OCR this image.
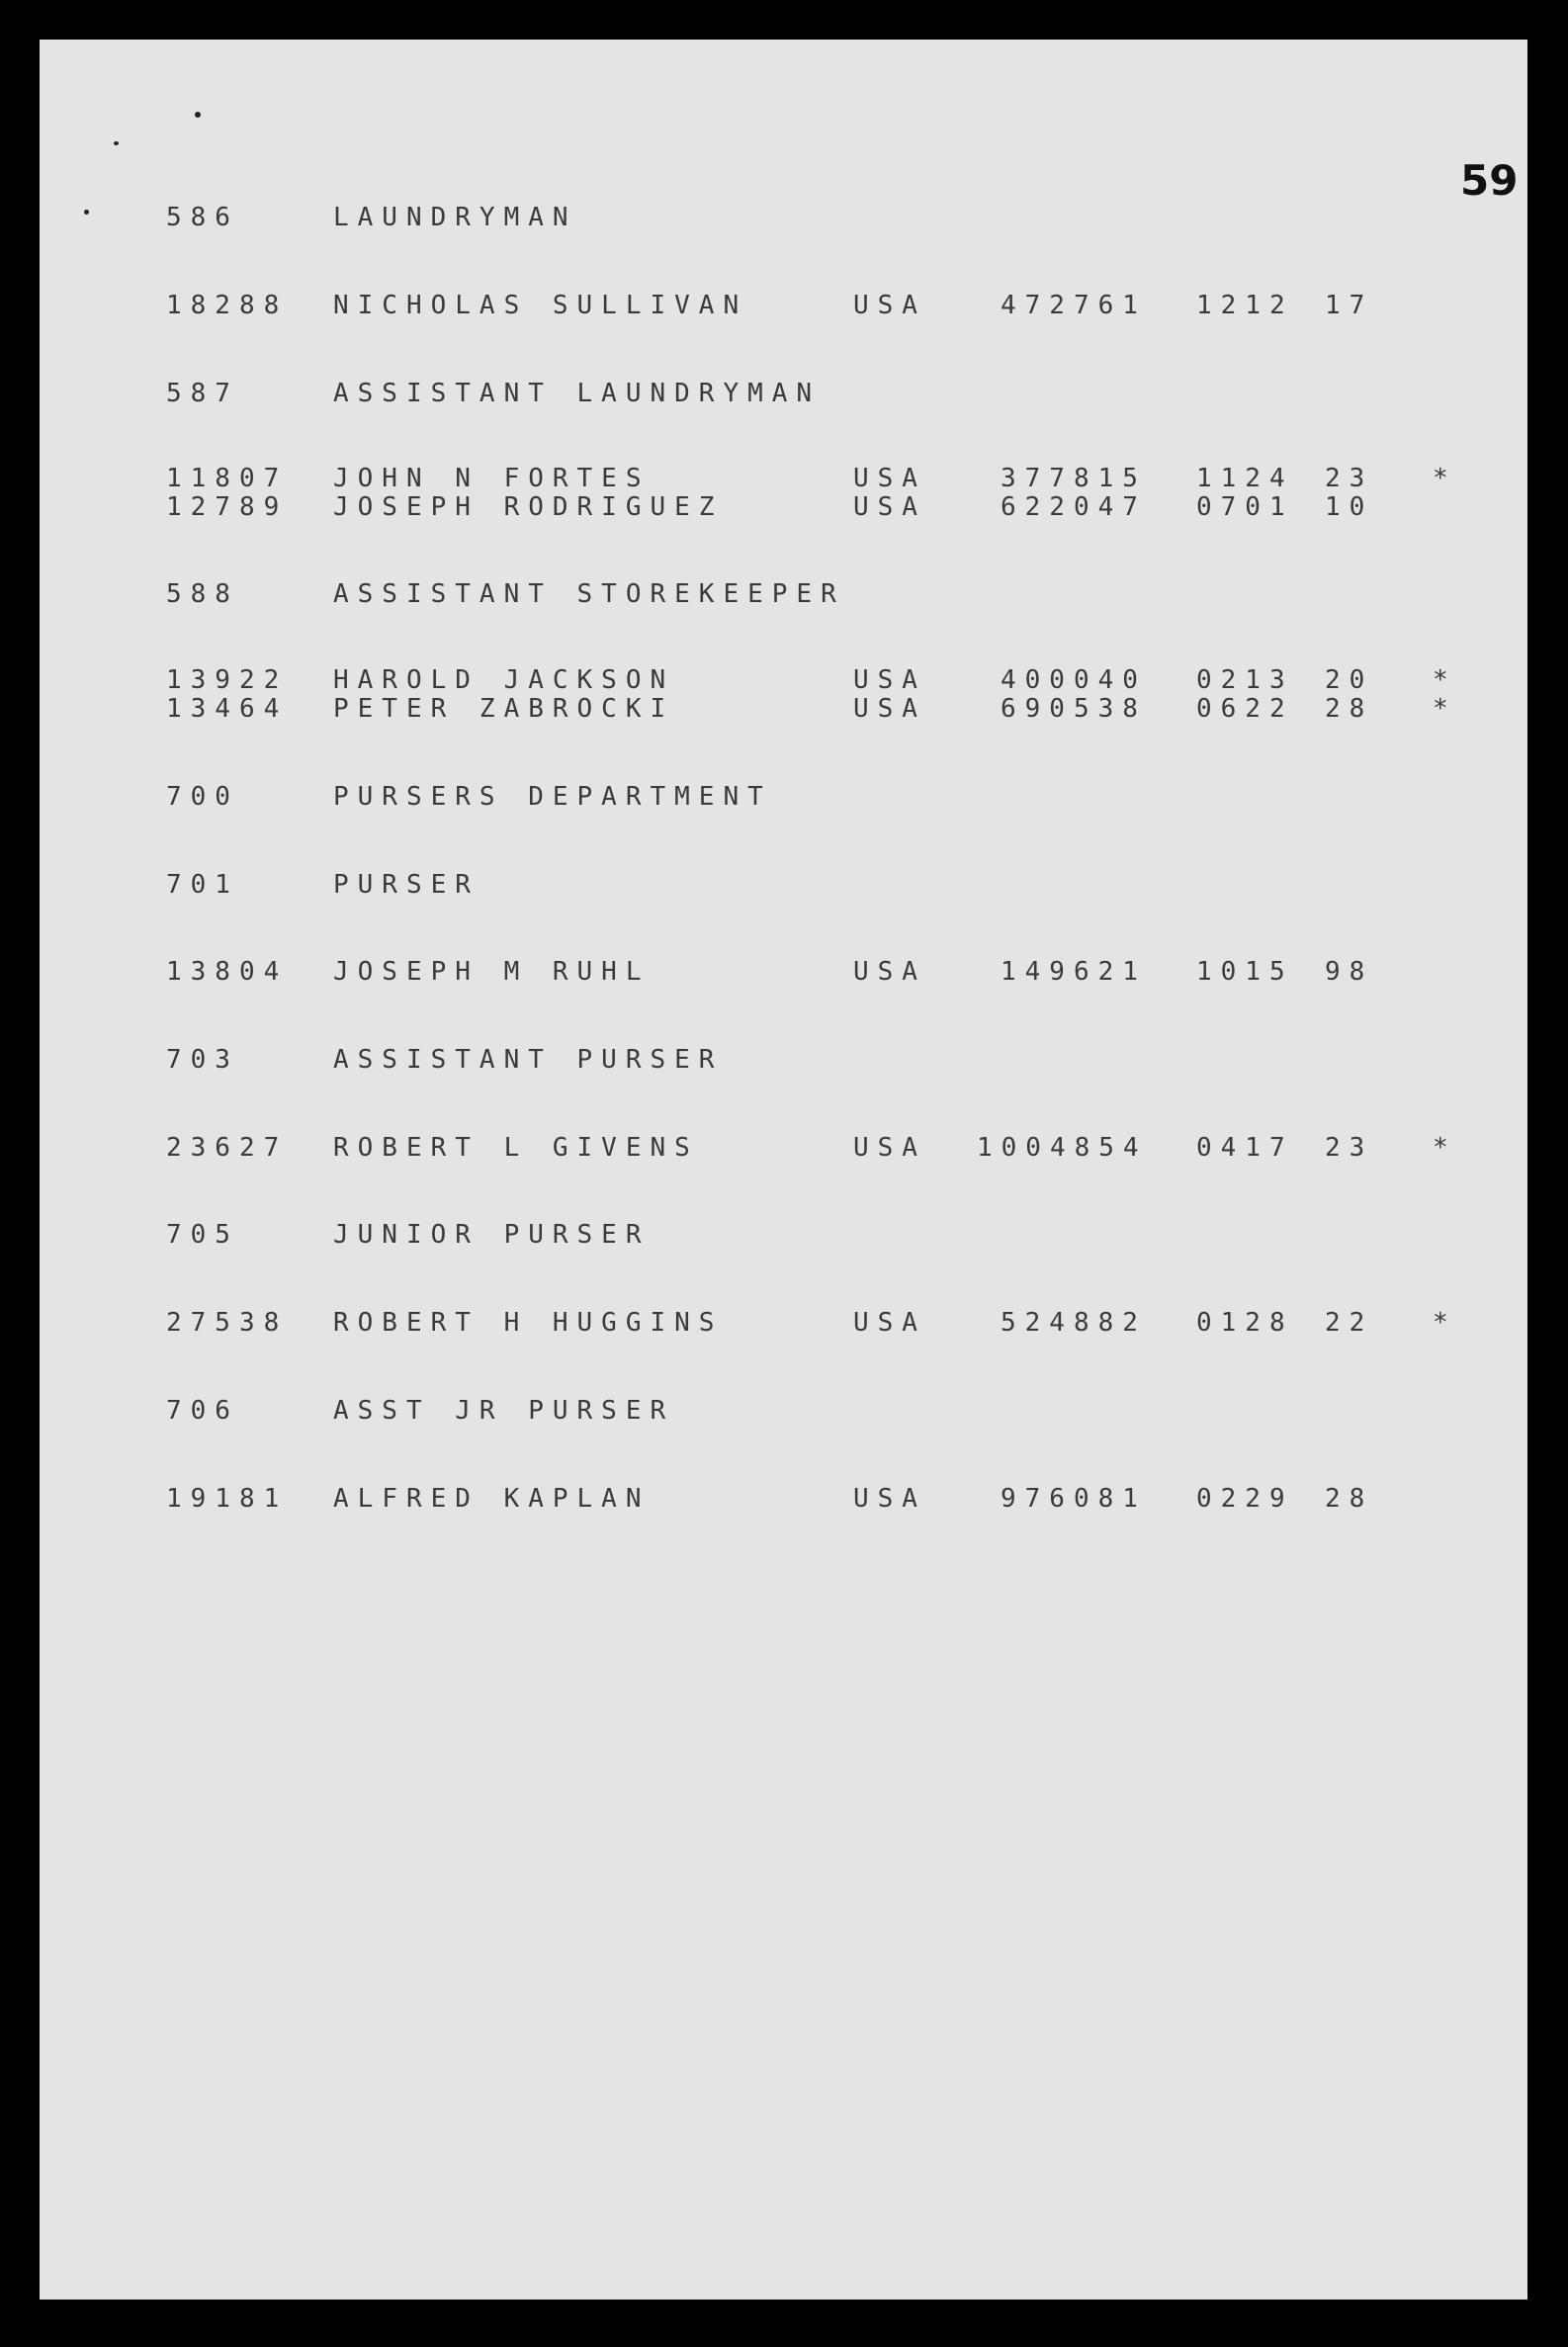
59
586	LAUNDRYMAN
18288 NICHOLAS SULLIVAN	USA	472761 1212 17
587	ASSISTANT LAUNDRYMAN
11807 JOHN N FORTES	USA	377815 1124 23 *
12789 JOSEPH RODRIGUEZ	USA	622047 0701 10
588	ASSISTANT STOREKEEPER
13922 HAROLD JACKSON	USA	400040 0213 20 *
13464 PETER ZABROCKI	USA	690538 0622 28 *
700	PURSERS DEPARTMENT
701	PURSER
13804 JOSEPH M RUHL	USA	149621 1015 98
703	ASSISTANT PURSER
23627 ROBERT L GIVENS	USA 1004854 0417 23 *
705	JUNIOR PURSER
27538 ROBERT H HUGGINS	USA	524882 0128 22 *
706	ASST JR PURSER
19181 ALFRED KAPLAN	USA	976081 0229 28
